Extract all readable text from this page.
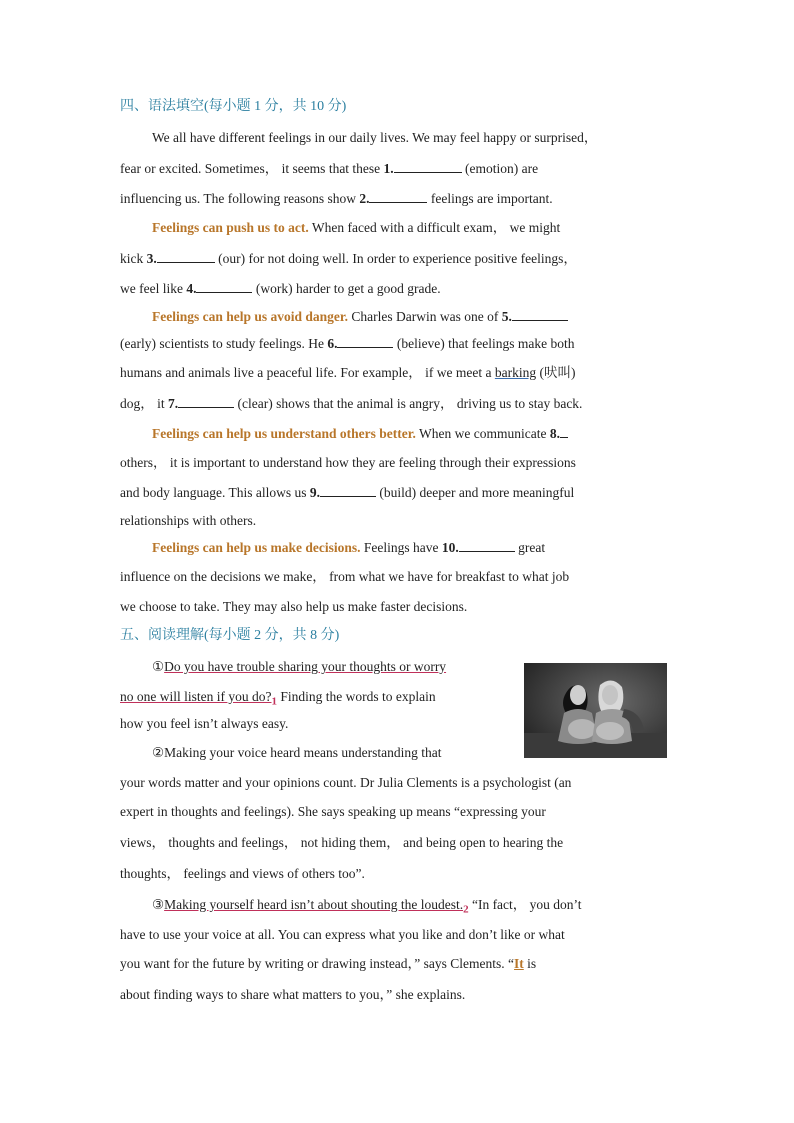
四、语法填空(每小题 1 分，共 10 分)
We all have different feelings in our daily lives. We may feel happy or surprised，
fear or excited. Sometimes， it seems that these 1.	(emotion) are
influencing us. The following reasons show 2.	feelings are important.
Feelings can push us to act. When faced with a difficult exam， we might
kick 3.	(our) for not doing well. In order to experience positive feelings，
we feel like 4.	(work) harder to get a good grade.
Feelings can help us avoid danger. Charles Darwin was one of 5.
(early) scientists to study feelings. He 6.	(believe) that feelings make both
humans and animals live a peaceful life. For example， if we meet a barking (吠叫)
dog， it 7.	(clear) shows that the animal is angry， driving us to stay back.
Feelings can help us understand others better. When we communicate 8.
others， it is important to understand how they are feeling through their expressions
and body language. This allows us 9.	(build) deeper and more meaningful
relationships with others.
Feelings can help us make decisions. Feelings have 10.	great
influence on the decisions we make， from what we have for breakfast to what job
we choose to take. They may also help us make faster decisions.
五、阅读理解(每小题 2 分，共 8 分)
①Do you have trouble sharing your thoughts or worry
no one will listen if you $do?_1$ Finding the words to explain
how you feel isn’t always easy.
②Making your voice heard means understanding that
your words matter and your opinions count. Dr Julia Clements is a psychologist (an
expert in thoughts and feelings). She says speaking up means “expressing your
views， thoughts and feelings， not hiding them， and being open to hearing the
thoughts， feelings and views of others too”.
③Making yourself heard isn’t about shouting the $loudest._2$ “In fact， you don’t
have to use your voice at all. You can express what you like and don’t like or what
you want for the future by writing or drawing instead，” says Clements. “It is
about finding ways to share what matters to you，” she explains.
